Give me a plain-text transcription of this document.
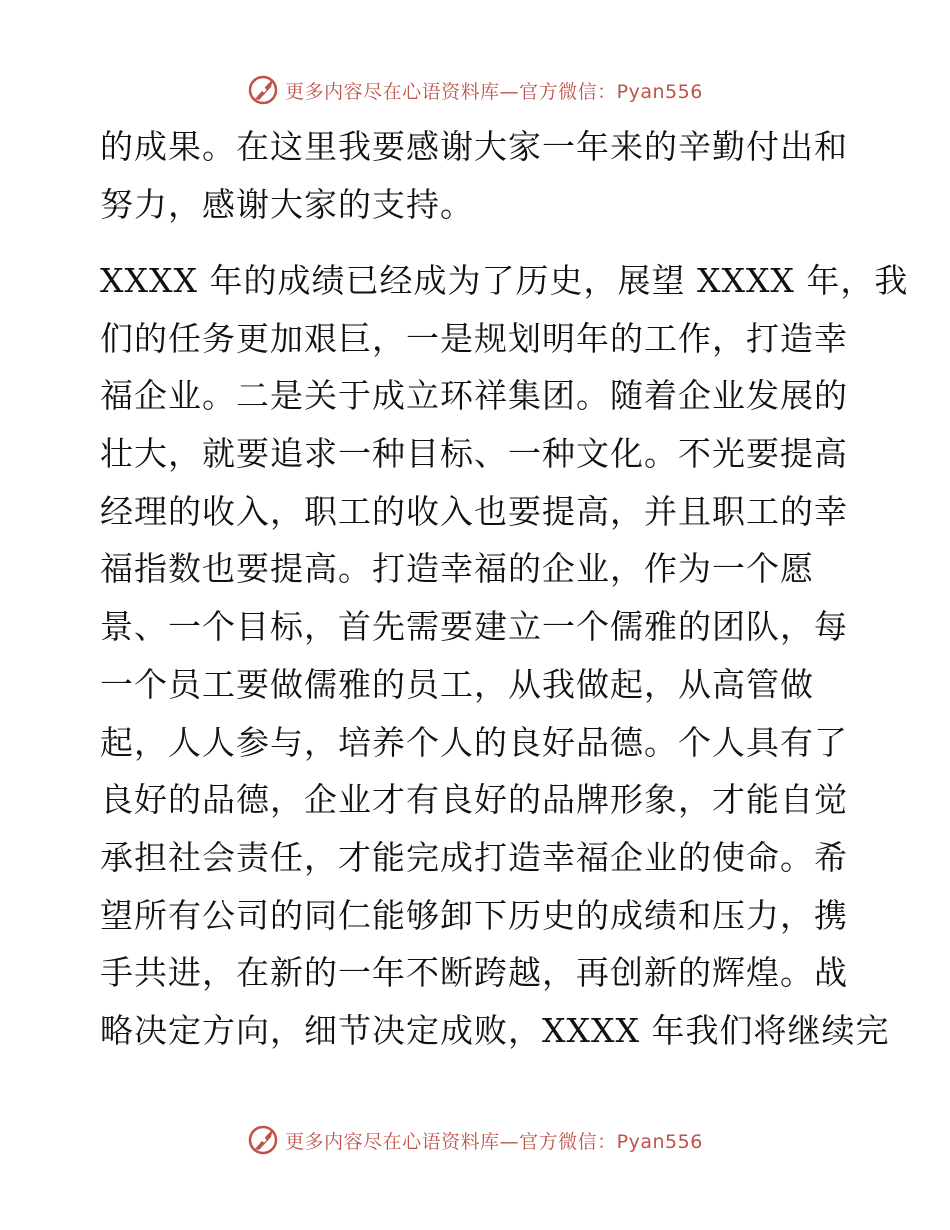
更多内容尽在心语资料库—官方微信：Pyan556
的成果。在这里我要感谢大家一年来的辛勤付出和
努力，感谢大家的支持。
XXXX 年的成绩已经成为了历史，展望 XXXX 年，我
们的任务更加艰巨，一是规划明年的工作，打造幸
福企业。二是关于成立环祥集团。随着企业发展的
壮大，就要追求一种目标、一种文化。不光要提高
经理的收入，职工的收入也要提高，并且职工的幸
福指数也要提高。打造幸福的企业，作为一个愿
景、一个目标，首先需要建立一个儒雅的团队，每
一个员工要做儒雅的员工，从我做起，从高管做
起，人人参与，培养个人的良好品德。个人具有了
良好的品德，企业才有良好的品牌形象，才能自觉
承担社会责任，才能完成打造幸福企业的使命。希
望所有公司的同仁能够卸下历史的成绩和压力，携
手共进，在新的一年不断跨越，再创新的辉煌。战
略决定方向，细节决定成败，XXXX 年我们将继续完
更多内容尽在心语资料库—官方微信：Pyan556
